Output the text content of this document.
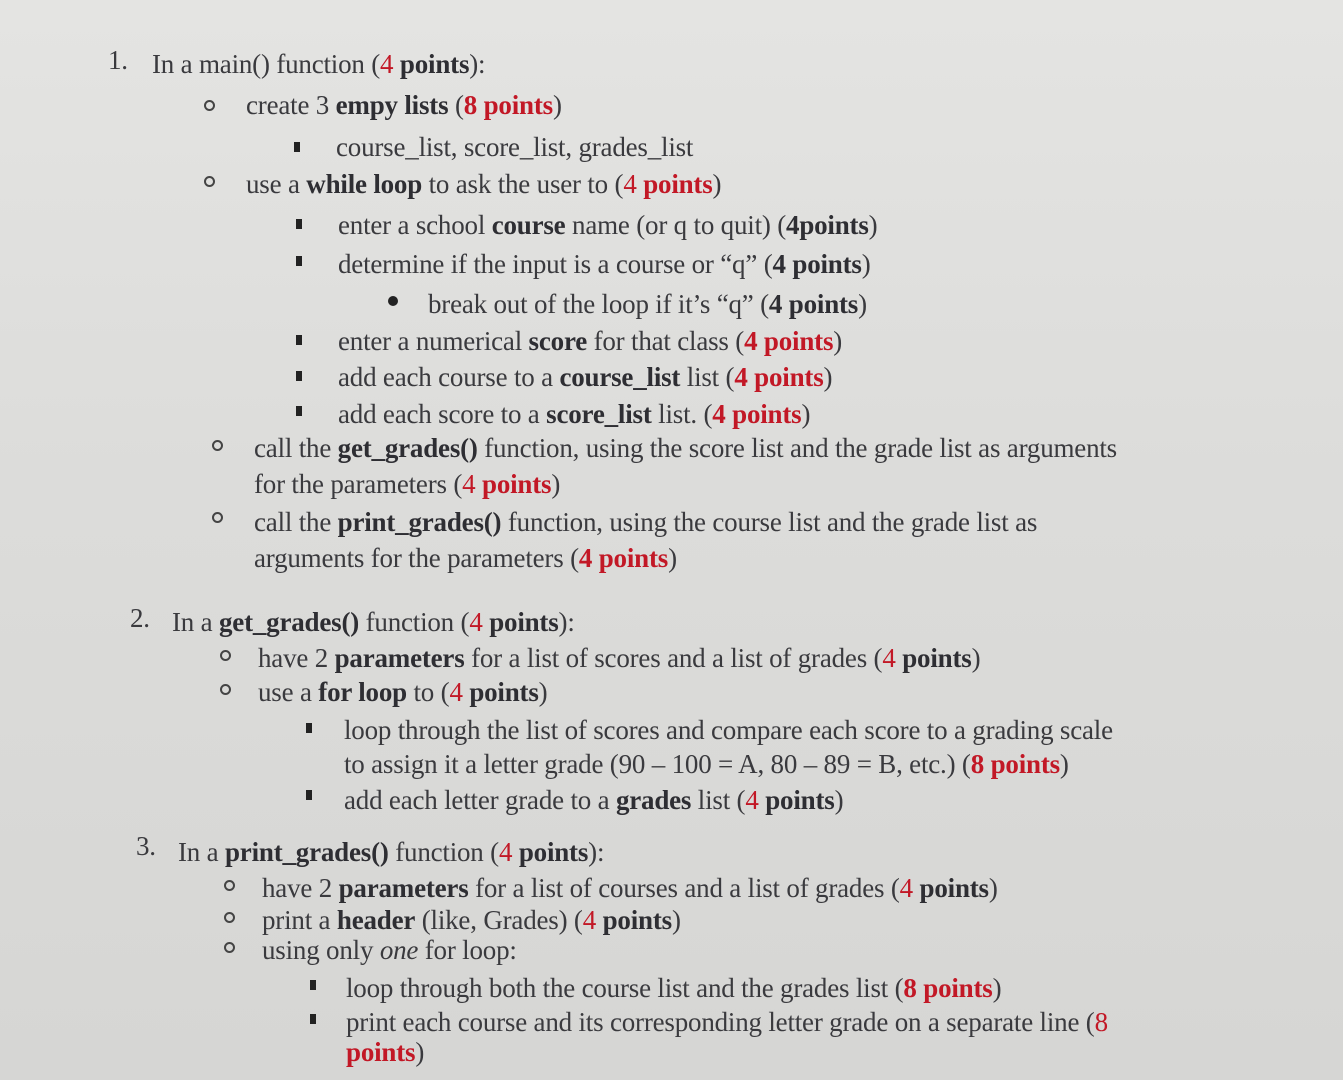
1. In a main() function (4 points):
create 3 empy lists (8 points)
course_list, score_list, grades_list
use a while loop to ask the user to (4 points)
enter a school course name (or q to quit) (4points)
determine if the input is a course or “q” (4 points)
break out of the loop if it’s “q” (4 points)
enter a numerical score for that class (4 points)
add each course to a course_list list (4 points)
add each score to a score_list list. (4 points)
call the get_grades() function, using the score list and the grade list as arguments
for the parameters (4 points)
call the print_grades() function, using the course list and the grade list as
arguments for the parameters (4 points)
2. In a get_grades() function (4 points):
have 2 parameters for a list of scores and a list of grades (4 points)
use a for loop to (4 points)
loop through the list of scores and compare each score to a grading scale
to assign it a letter grade (90 – 100 = A, 80 – 89 = B, etc.) (8 points)
add each letter grade to a grades list (4 points)
3. In a print_grades() function (4 points):
have 2 parameters for a list of courses and a list of grades (4 points)
print a header (like, Grades) (4 points)
using only one for loop:
loop through both the course list and the grades list (8 points)
print each course and its corresponding letter grade on a separate line (8
points)
